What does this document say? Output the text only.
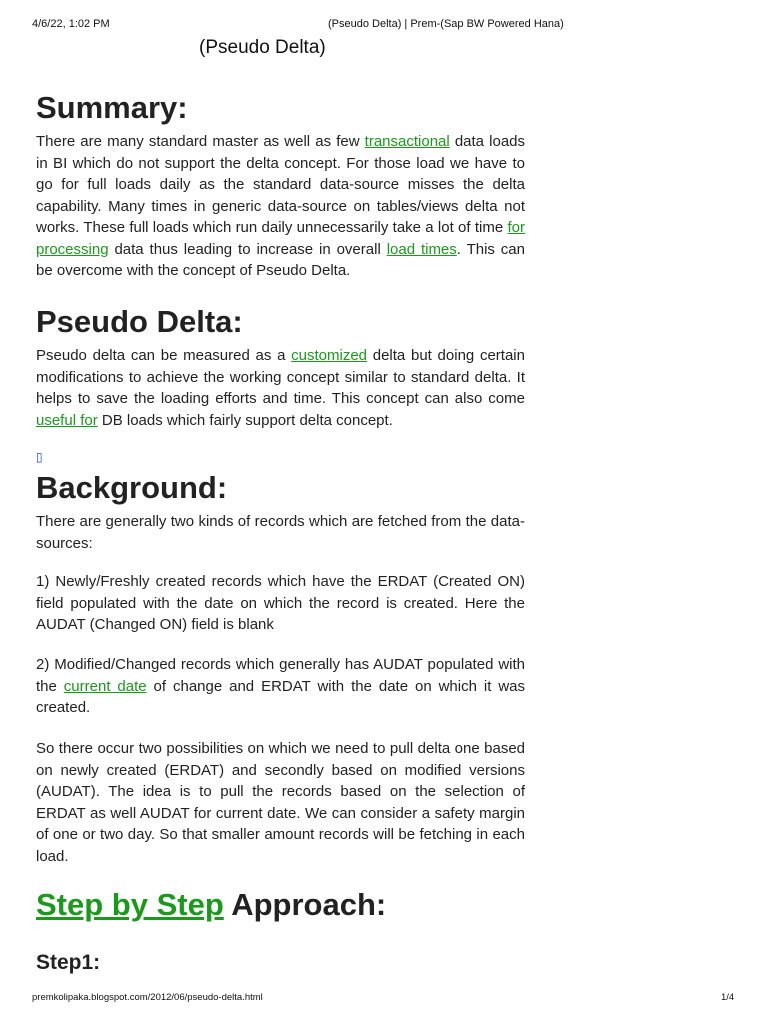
4/6/22, 1:02 PM	(Pseudo Delta) | Prem-(Sap BW Powered Hana)
(Pseudo Delta)
Summary:

There are many standard master as well as few transactional data loads in BI which do not support the delta concept. For those load we have to go for full loads daily as the standard data-source misses the delta capability. Many times in generic data-source on tables/views delta not works. These full loads which run daily unnecessarily take a lot of time for processing data thus leading to increase in overall load times. This can be overcome with the concept of Pseudo Delta.

Pseudo Delta:

Pseudo delta can be measured as a customized delta but doing certain modifications to achieve the working concept similar to standard delta. It helps to save the loading efforts and time. This concept can also come useful for DB loads which fairly support delta concept.

▯
Background:

There are generally two kinds of records which are fetched from the data-sources:

1) Newly/Freshly created records which have the ERDAT (Created ON) field populated with the date on which the record is created. Here the AUDAT (Changed ON) field is blank

2) Modified/Changed records which generally has AUDAT populated with the current date of change and ERDAT with the date on which it was created.

So there occur two possibilities on which we need to pull delta one based on newly created (ERDAT) and secondly based on modified versions (AUDAT). The idea is to pull the records based on the selection of ERDAT as well AUDAT for current date. We can consider a safety margin of one or two day. So that smaller amount records will be fetching in each load.

Step by Step Approach:
Step1:
premkolipaka.blogspot.com/2012/06/pseudo-delta.html	1/4
